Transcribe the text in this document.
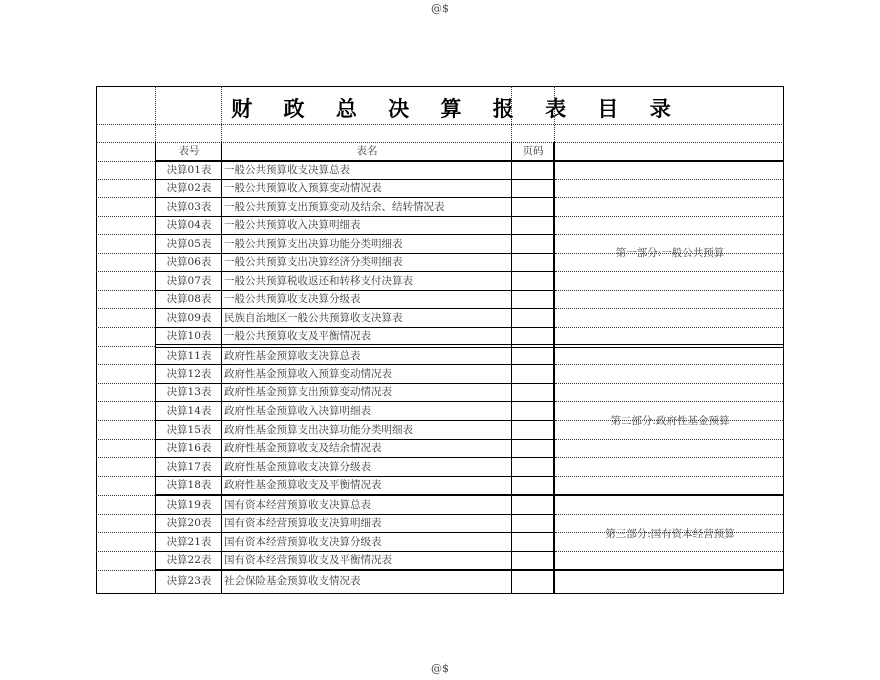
@$
@$
财 政 总 决 算 报 表 目 录
表号	表名	页码
决算01表	一般公共预算收支决算总表
决算02表	一般公共预算收入预算变动情况表
决算03表	一般公共预算支出预算变动及结余、结转情况表
决算04表	一般公共预算收入决算明细表
决算05表	一般公共预算支出决算功能分类明细表
决算06表	一般公共预算支出决算经济分类明细表
决算07表	一般公共预算税收返还和转移支付决算表
决算08表	一般公共预算收支决算分级表
决算09表	民族自治地区一般公共预算收支决算表
决算10表	一般公共预算收支及平衡情况表
决算11表	政府性基金预算收支决算总表
决算12表	政府性基金预算收入预算变动情况表
决算13表	政府性基金预算支出预算变动情况表
决算14表	政府性基金预算收入决算明细表
决算15表	政府性基金预算支出决算功能分类明细表
决算16表	政府性基金预算收支及结余情况表
决算17表	政府性基金预算收支决算分级表
决算18表	政府性基金预算收支及平衡情况表
决算19表	国有资本经营预算收支决算总表
决算20表	国有资本经营预算收支决算明细表
决算21表	国有资本经营预算收支决算分级表
决算22表	国有资本经营预算收支及平衡情况表
决算23表	社会保险基金预算收支情况表
第一部分:一般公共预算
第二部分:政府性基金预算
第三部分:国有资本经营预算
